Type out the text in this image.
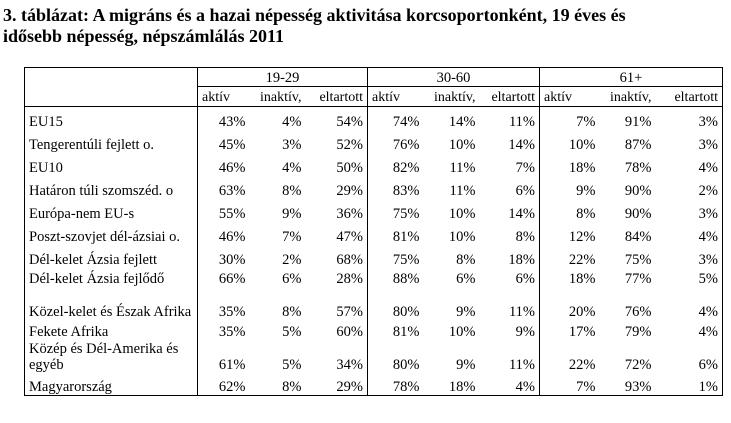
3. táblázat: A migráns és a hazai népesség aktivitása korcsoportonként, 19 éves és
idősebb népesség, népszámlálás 2011
	19-29			30-60			61+		
	aktív	inaktív,	eltartott	aktív	inaktív,	eltartott	aktív	inaktív,	eltartott
EU15	43%	4%	54%	74%	14%	11%	7%	91%	3%
Tengerentúli fejlett o.	45%	3%	52%	76%	10%	14%	10%	87%	3%
EU10	46%	4%	50%	82%	11%	7%	18%	78%	4%
Határon túli szomszéd. o	63%	8%	29%	83%	11%	6%	9%	90%	2%
Európa-nem EU-s	55%	9%	36%	75%	10%	14%	8%	90%	3%
Poszt-szovjet dél-ázsiai o.	46%	7%	47%	81%	10%	8%	12%	84%	4%
Dél-kelet Ázsia fejlett	30%	2%	68%	75%	8%	18%	22%	75%	3%
Dél-kelet Ázsia fejlődő	66%	6%	28%	88%	6%	6%	18%	77%	5%
Közel-kelet és Észak Afrika	35%	8%	57%	80%	9%	11%	20%	76%	4%
Fekete Afrika	35%	5%	60%	81%	10%	9%	17%	79%	4%
Közép és Dél-Amerika és egyéb	61%	5%	34%	80%	9%	11%	22%	72%	6%
Magyarország	62%	8%	29%	78%	18%	4%	7%	93%	1%
